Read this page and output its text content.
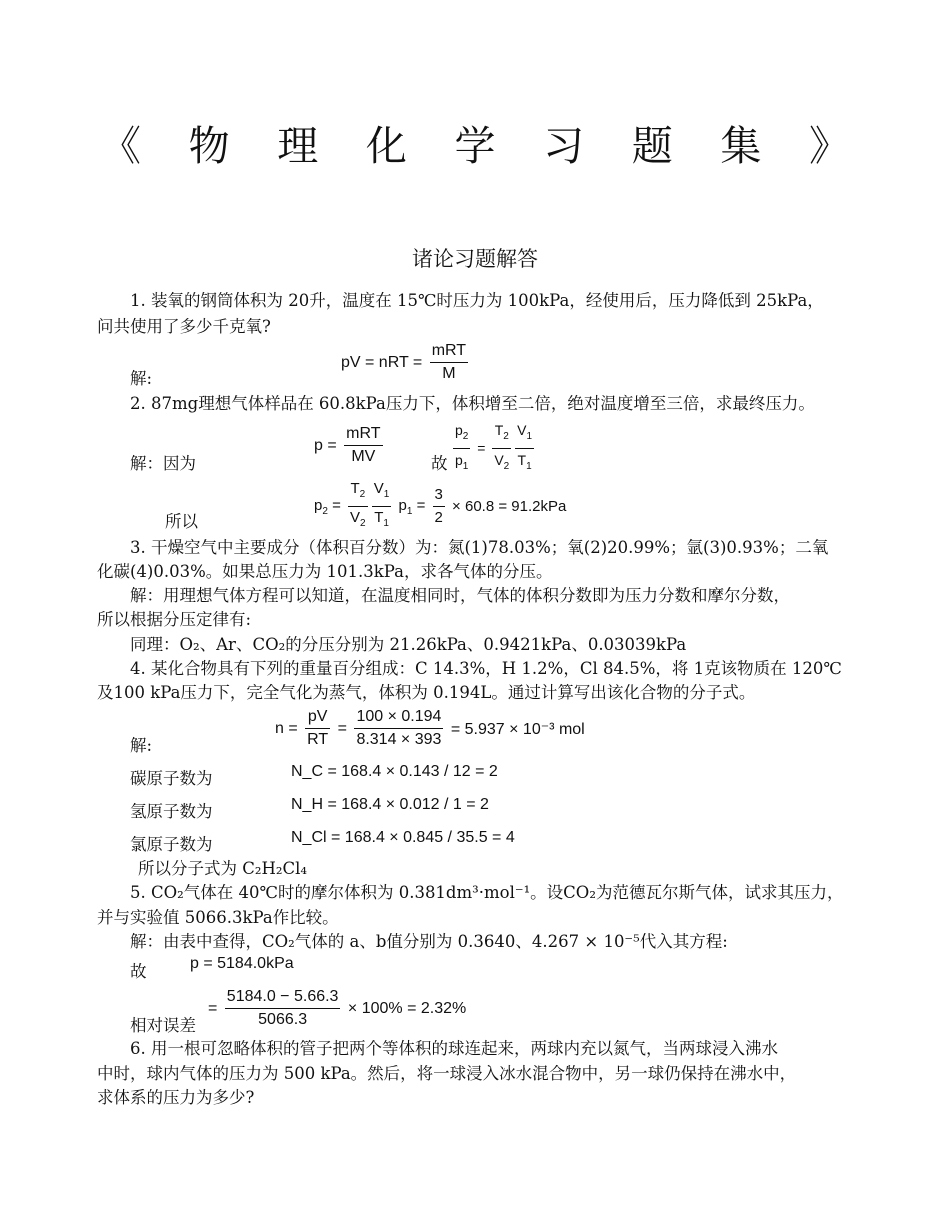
《 物 理 化 学 习 题 集 》
诸论习题解答
1. 装氧的钢筒体积为 20升，温度在 15℃时压力为 100kPa，经使用后，压力降低到 25kPa，
问共使用了多少千克氧?
pV = nRT = $\frac{\text{mRT}}{M}$
解:
2. 87mg理想气体样品在 60.8kPa压力下，体积增至二倍，绝对温度增至三倍，求最终压力。
解：因为
$p = \frac{\text{mRT}}{MV}$	故 $\frac{p_2}{p_1} = \frac{T_2}{V_2}$
$\frac{V_1}{T_1}$
$p_2 = \frac{T_2}{V_2}$
$\frac{V_1}{T_1} p_1 = \frac{3}{2} \times 60.8 = 91.2kPa$
所以
3. 干燥空气中主要成分（体积百分数）为：氮(1)78.03%；氧(2)20.99%；氩(3)0.93%；二氧
化碳(4)0.03%。如果总压力为 101.3kPa，求各气体的分压。
解：用理想气体方程可以知道，在温度相同时，气体的体积分数即为压力分数和摩尔分数，
所以根据分压定律有:
同理：O₂、Ar、CO₂的分压分别为 21.26kPa、0.9421kPa、0.03039kPa
4. 某化合物具有下列的重量百分组成：C 14.3%，H 1.2%，Cl 84.5%，将 1克该物质在 120℃
及100 kPa压力下，完全气化为蒸气，体积为 0.194L。通过计算写出该化合物的分子式。
$n = \frac{pV}{RT} = \frac{100 \times 0.194}{8.314 \times 393} = 5.937 \times 10^{-3}$ mol
解:
碳原子数为	N_C = 168.4 × 0.143 / 12 = 2
氢原子数为	N_H = 168.4 × 0.012 / 1 = 2
氯原子数为	N_Cl = 168.4 × 0.845 / 35.5 = 4
所以分子式为 C₂H₂Cl₄
5. CO₂气体在 40℃时的摩尔体积为 0.381dm³·mol⁻¹。设CO₂为范德瓦尔斯气体，试求其压力，
并与实验值 5066.3kPa作比较。
解：由表中查得，CO₂气体的 a、b值分别为 0.3640、4.267 × 10⁻⁵代入其方程:
故	p = 5184.0kPa
= $\frac{5184.0 - 5.66.3}{5066.3} \times 100\% = 2.32\%$
相对误差
6. 用一根可忽略体积的管子把两个等体积的球连起来，两球内充以氮气，当两球浸入沸水
中时，球内气体的压力为 500 kPa。然后，将一球浸入冰水混合物中，另一球仍保持在沸水中，
求体系的压力为多少?
